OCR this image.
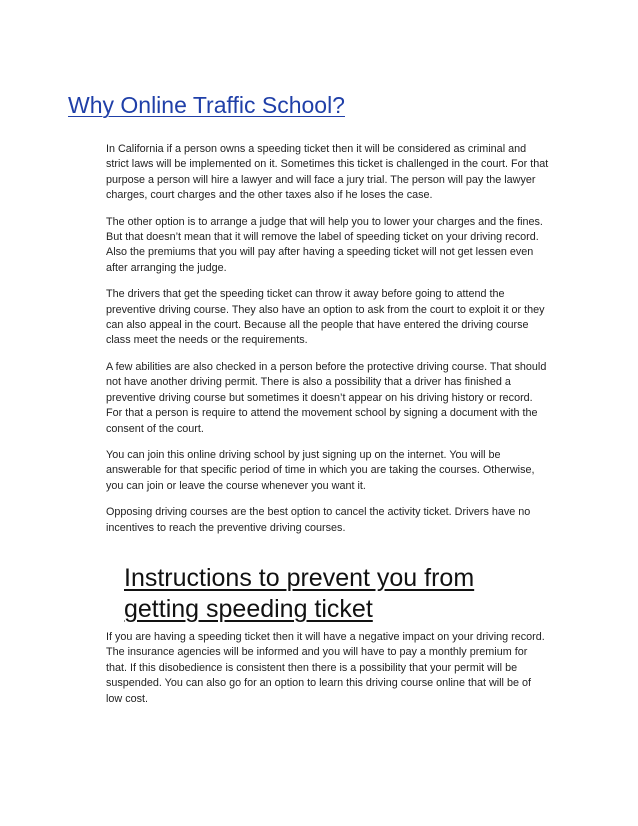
Why Online Traffic School?

In California if a person owns a speeding ticket then it will be considered as criminal and strict laws will be implemented on it. Sometimes this ticket is challenged in the court. For that purpose a person will hire a lawyer and will face a jury trial. The person will pay the lawyer charges, court charges and the other taxes also if he loses the case.

The other option is to arrange a judge that will help you to lower your charges and the fines. But that doesn’t mean that it will remove the label of speeding ticket on your driving record. Also the premiums that you will pay after having a speeding ticket will not get lessen even after arranging the judge.

The drivers that get the speeding ticket can throw it away before going to attend the preventive driving course. They also have an option to ask from the court to exploit it or they can also appeal in the court. Because all the people that have entered the driving course class meet the needs or the requirements.

A few abilities are also checked in a person before the protective driving course. That should not have another driving permit. There is also a possibility that a driver has finished a preventive driving course but sometimes it doesn’t appear on his driving history or record. For that a person is require to attend the movement school by signing a document with the consent of the court.

You can join this online driving school by just signing up on the internet. You will be answerable for that specific period of time in which you are taking the courses. Otherwise, you can join or leave the course whenever you want it.

Opposing driving courses are the best option to cancel the activity ticket. Drivers have no incentives to reach the preventive driving courses.

Instructions to prevent you from getting speeding ticket

If you are having a speeding ticket then it will have a negative impact on your driving record. The insurance agencies will be informed and you will have to pay a monthly premium for that. If this disobedience is consistent then there is a possibility that your permit will be suspended. You can also go for an option to learn this driving course online that will be of low cost.
